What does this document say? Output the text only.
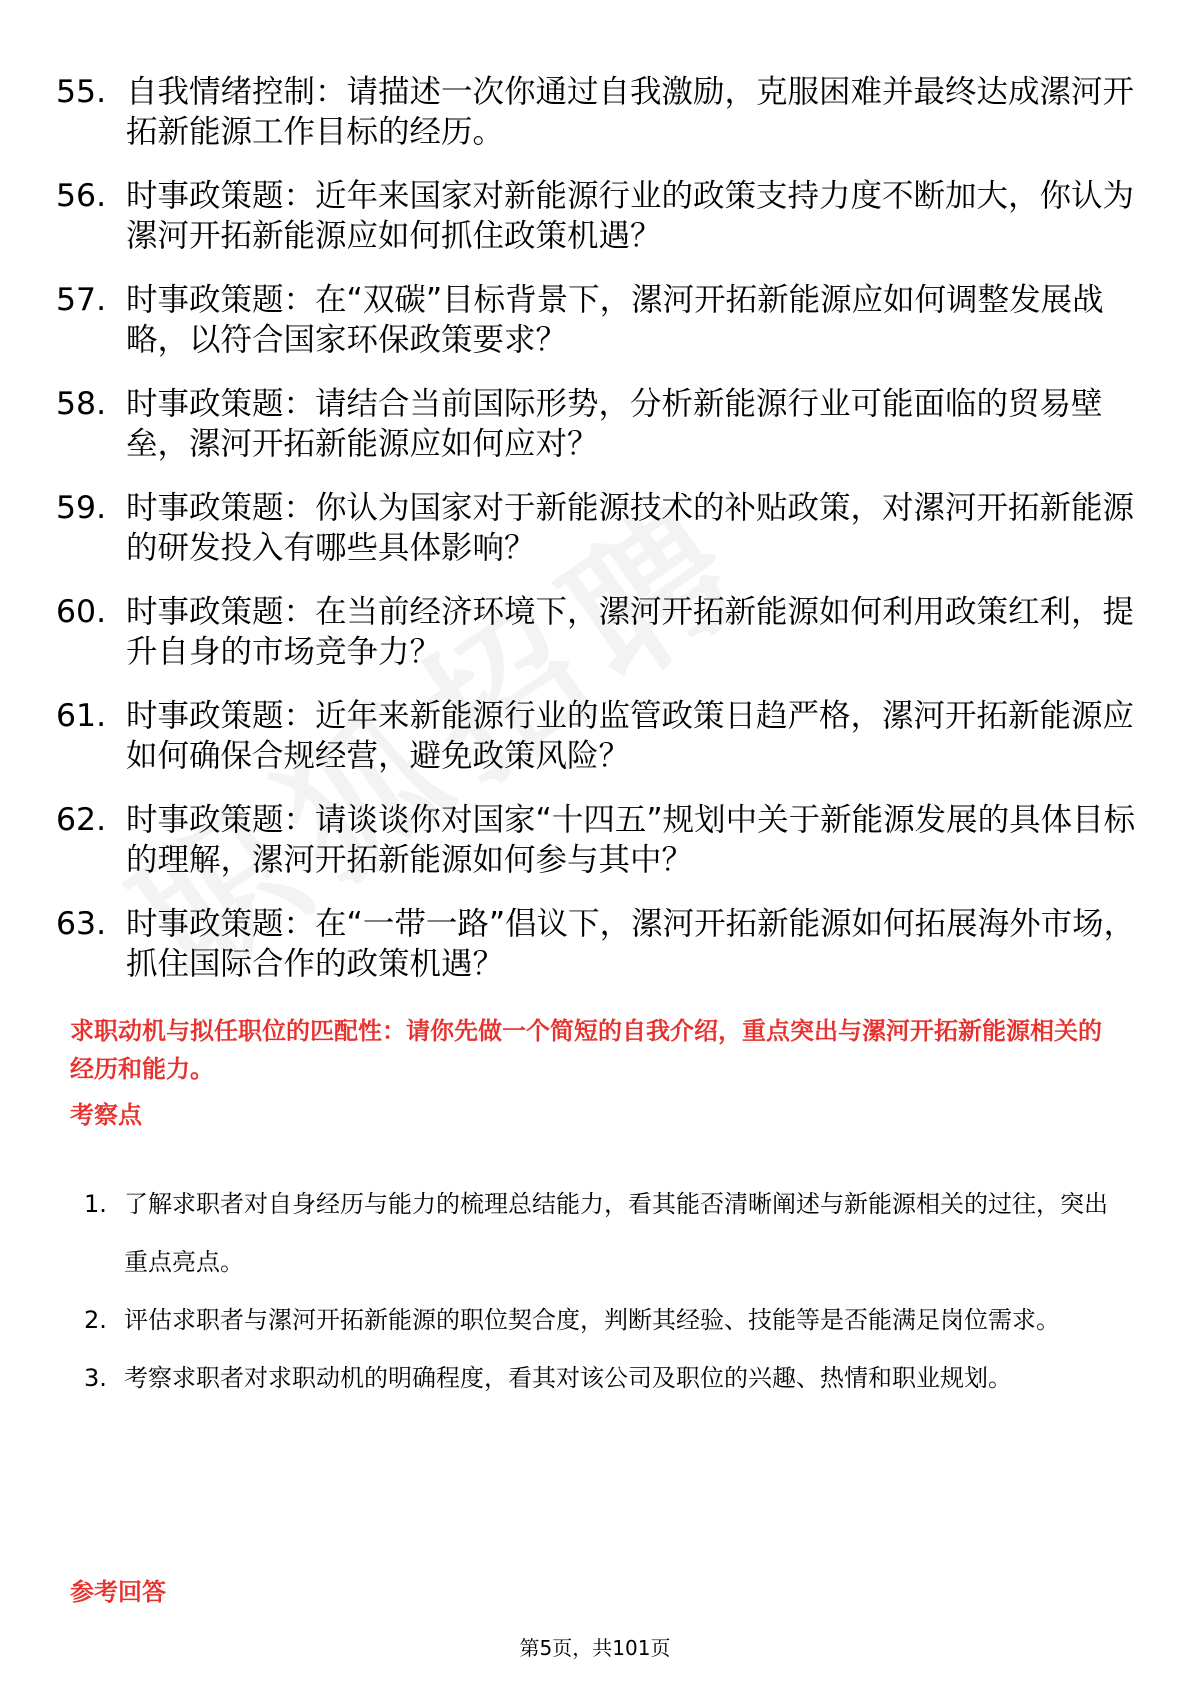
55. 自我情绪控制：请描述一次你通过自我激励，克服困难并最终达成漯河开拓新能源工作目标的经历。
56. 时事政策题：近年来国家对新能源行业的政策支持力度不断加大，你认为漯河开拓新能源应如何抓住政策机遇？
57. 时事政策题：在“双碳”目标背景下，漯河开拓新能源应如何调整发展战略，以符合国家环保政策要求？
58. 时事政策题：请结合当前国际形势，分析新能源行业可能面临的贸易壁垒，漯河开拓新能源应如何应对？
59. 时事政策题：你认为国家对于新能源技术的补贴政策，对漯河开拓新能源的研发投入有哪些具体影响？
60. 时事政策题：在当前经济环境下，漯河开拓新能源如何利用政策红利，提升自身的市场竞争力？
61. 时事政策题：近年来新能源行业的监管政策日趋严格，漯河开拓新能源应如何确保合规经营，避免政策风险？
62. 时事政策题：请谈谈你对国家“十四五”规划中关于新能源发展的具体目标的理解，漯河开拓新能源如何参与其中？
63. 时事政策题：在“一带一路”倡议下，漯河开拓新能源如何拓展海外市场，抓住国际合作的政策机遇？
求职动机与拟任职位的匹配性：请你先做一个简短的自我介绍，重点突出与漯河开拓新能源相关的经历和能力。
考察点
1. 了解求职者对自身经历与能力的梳理总结能力，看其能否清晰阐述与新能源相关的过往，突出重点亮点。
2. 评估求职者与漯河开拓新能源的职位契合度，判断其经验、技能等是否能满足岗位需求。
3. 考察求职者对求职动机的明确程度，看其对该公司及职位的兴趣、热情和职业规划。
参考回答
第5页，共101页
